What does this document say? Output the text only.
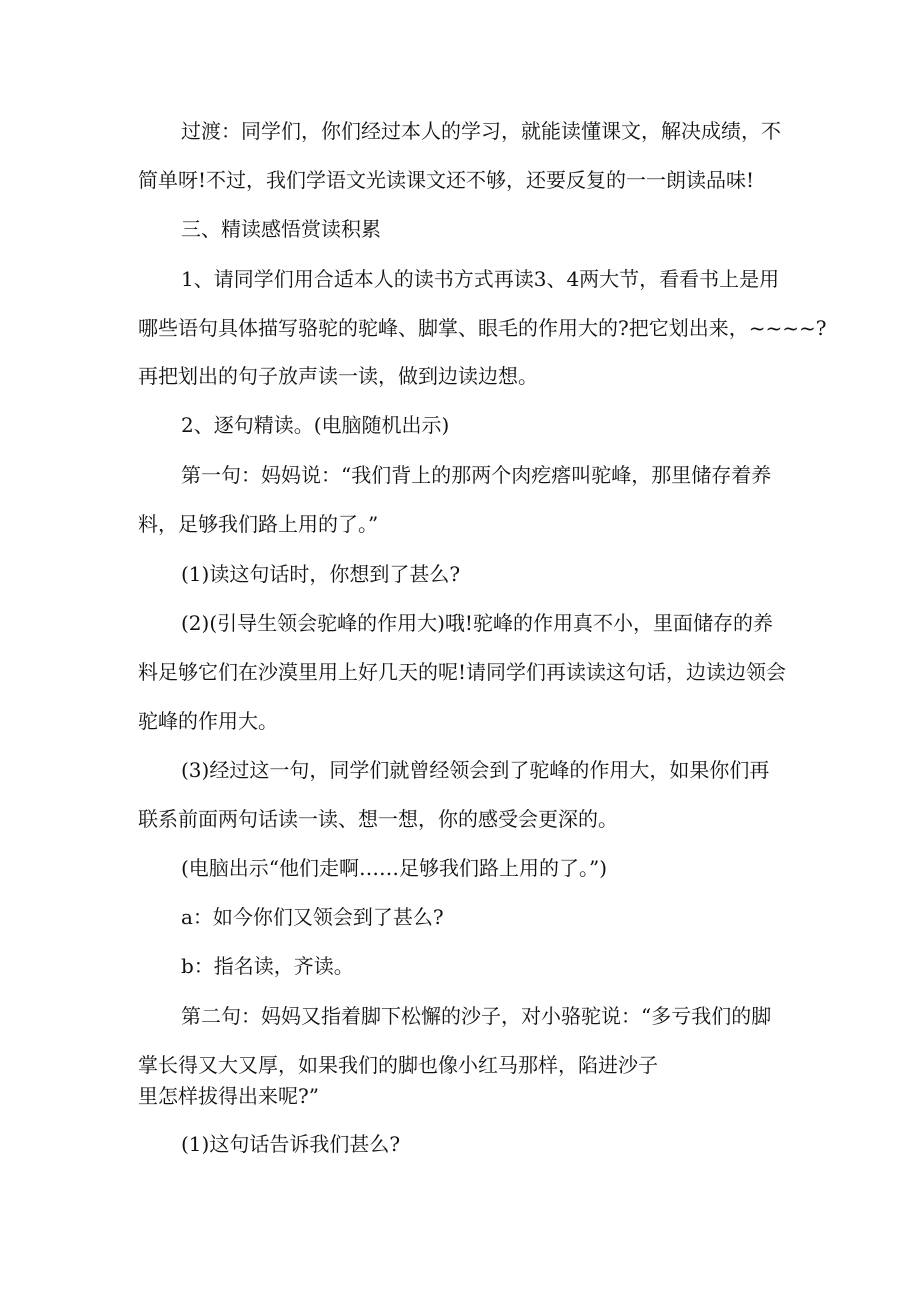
过渡：同学们，你们经过本人的学习，就能读懂课文，解决成绩，不
简单呀!不过，我们学语文光读课文还不够，还要反复的一一朗读品味!
三、精读感悟赏读积累
1、请同学们用合适本人的读书方式再读3、4两大节，看看书上是用
哪些语句具体描写骆驼的驼峰、脚掌、眼毛的作用大的?把它划出来，~~~~?
再把划出的句子放声读一读，做到边读边想。
2、逐句精读。(电脑随机出示)
第一句：妈妈说：“我们背上的那两个肉疙瘩叫驼峰，那里储存着养
料，足够我们路上用的了。”
(1)读这句话时，你想到了甚么?
(2)(引导生领会驼峰的作用大)哦!驼峰的作用真不小，里面储存的养
料足够它们在沙漠里用上好几天的呢!请同学们再读读这句话，边读边领会
驼峰的作用大。
(3)经过这一句，同学们就曾经领会到了驼峰的作用大，如果你们再
联系前面两句话读一读、想一想，你的感受会更深的。
(电脑出示“他们走啊……足够我们路上用的了。”)
a：如今你们又领会到了甚么?
b：指名读，齐读。
第二句：妈妈又指着脚下松懈的沙子，对小骆驼说：“多亏我们的脚
掌长得又大又厚，如果我们的脚也像小红马那样，陷进沙子
里怎样拔得出来呢?”
(1)这句话告诉我们甚么?
